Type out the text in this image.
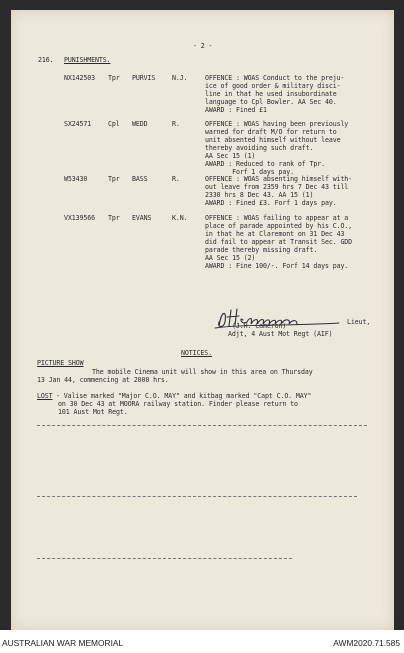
- 2 -
216. PUNISHMENTS.
NX142503 Tpr PURVIS	N.J.	OFFENCE : WOAS Conduct to the preju-
ice of good order & military disci-
line in that he used insubordinate
language to Cpl Bowler. AA Sec 40.
AWARD : Fined £1
SX24571	Cpl WEDD	R.	OFFENCE : WOAS having been previously
warned for draft M/O for return to
unit absented himself without leave
thereby avoiding such draft.
AA Sec 15 (1)
AWARD : Reduced to rank of Tpr.
Forf 1 days pay.
W53430	Tpr BASS	R.	OFFENCE : WOAS absenting himself with-
out leave from 2359 hrs 7 Dec 43 till
2330 hrs 8 Dec 43. AA 15 (1)
AWARD : Fined £3. Forf 1 days pay.
VX139566 Tpr EVANS	K.N.	OFFENCE : WOAS failing to appear at a
place of parade appointed by his C.O.,
in that he at Claremont on 31 Dec 43
did fail to appear at Transit Sec. GDD
parade thereby missing draft.
AA Sec 15 (2)
AWARD : Fine 100/-. Forf 14 days pay.
(J.H. Cameron)	Lieut,
Adjt, 4 Aust Mot Regt (AIF)
NOTICES.
PICTURE SHOW
The mobile Cinema unit will show in this area on Thursday
13 Jan 44, commencing at 2000 hrs.
LOST - Valise marked "Major C.O. MAY" and kitbag marked "Capt C.O. MAY"
on 30 Dec 43 at MOORA railway station. Finder please return to
101 Aust Mot Regt.
AUSTRALIAN WAR MEMORIAL	AWM2020.71.585
